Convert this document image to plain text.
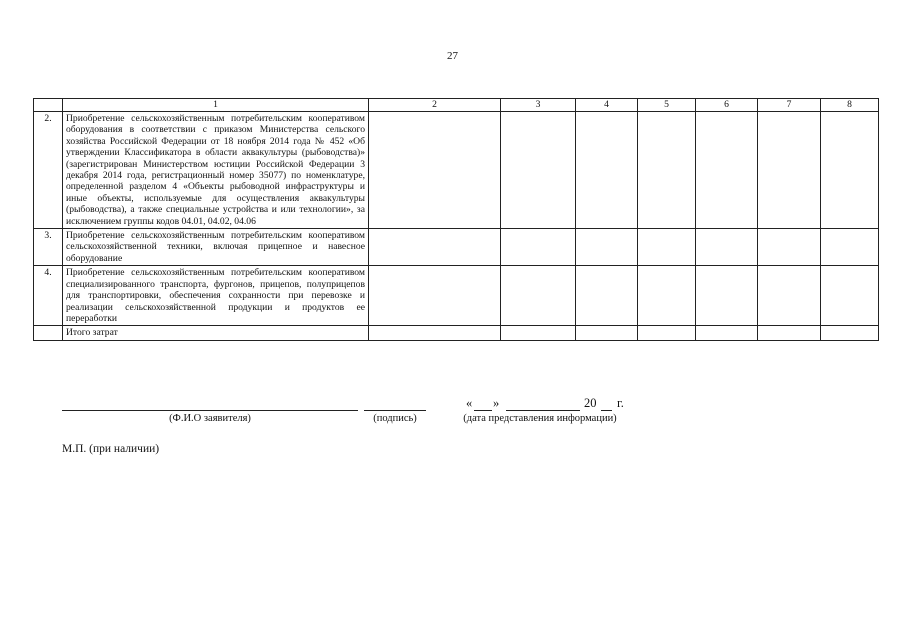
27
	1	2	3	4	5	6	7	8
2.	Приобретение сельскохозяйственным потребительским кооперативом оборудования в соответствии с приказом Министерства сельского хозяйства Российской Федерации от 18 ноября 2014 года № 452 «Об утверждении Классификатора в области аквакультуры (рыбоводства)» (зарегистрирован Министерством юстиции Российской Федерации 3 декабря 2014 года, регистрационный номер 35077) по номенклатуре, определенной разделом 4 «Объекты рыбоводной инфраструктуры и иные объекты, используемые для осуществления аквакультуры (рыбоводства), а также специальные устройства и или технологии», за исключением группы кодов 04.01, 04.02, 04.06							
3.	Приобретение сельскохозяйственным потребительским кооперативом сельскохозяйственной техники, включая прицепное и навесное оборудование							
4.	Приобретение сельскохозяйственным потребительским кооперативом специализированного транспорта, фургонов, прицепов, полуприцепов для транспортировки, обеспечения сохранности при перевозке и реализации сельскохозяйственной продукции и продуктов ее переработки							
	Итого затрат							
(Ф.И.О заявителя)	(подпись)
« »	20 г.
(дата представления информации)
М.П. (при наличии)
